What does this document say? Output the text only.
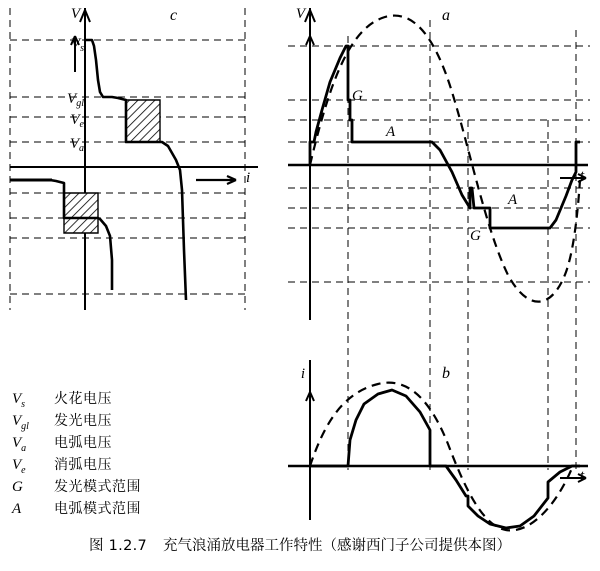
V
i
c
$V_s$
$V_{gl}$
$V_e$
$V_a$
V
t
a
G
A
G
A
i
t
b
$V_s$	火花电压
$V_{gl}$	发光电压
$V_a$	电弧电压
$V_e$	消弧电压
G	发光模式范围
A	电弧模式范围
图 1.2.7 充气浪涌放电器工作特性（感谢西门子公司提供本图）
